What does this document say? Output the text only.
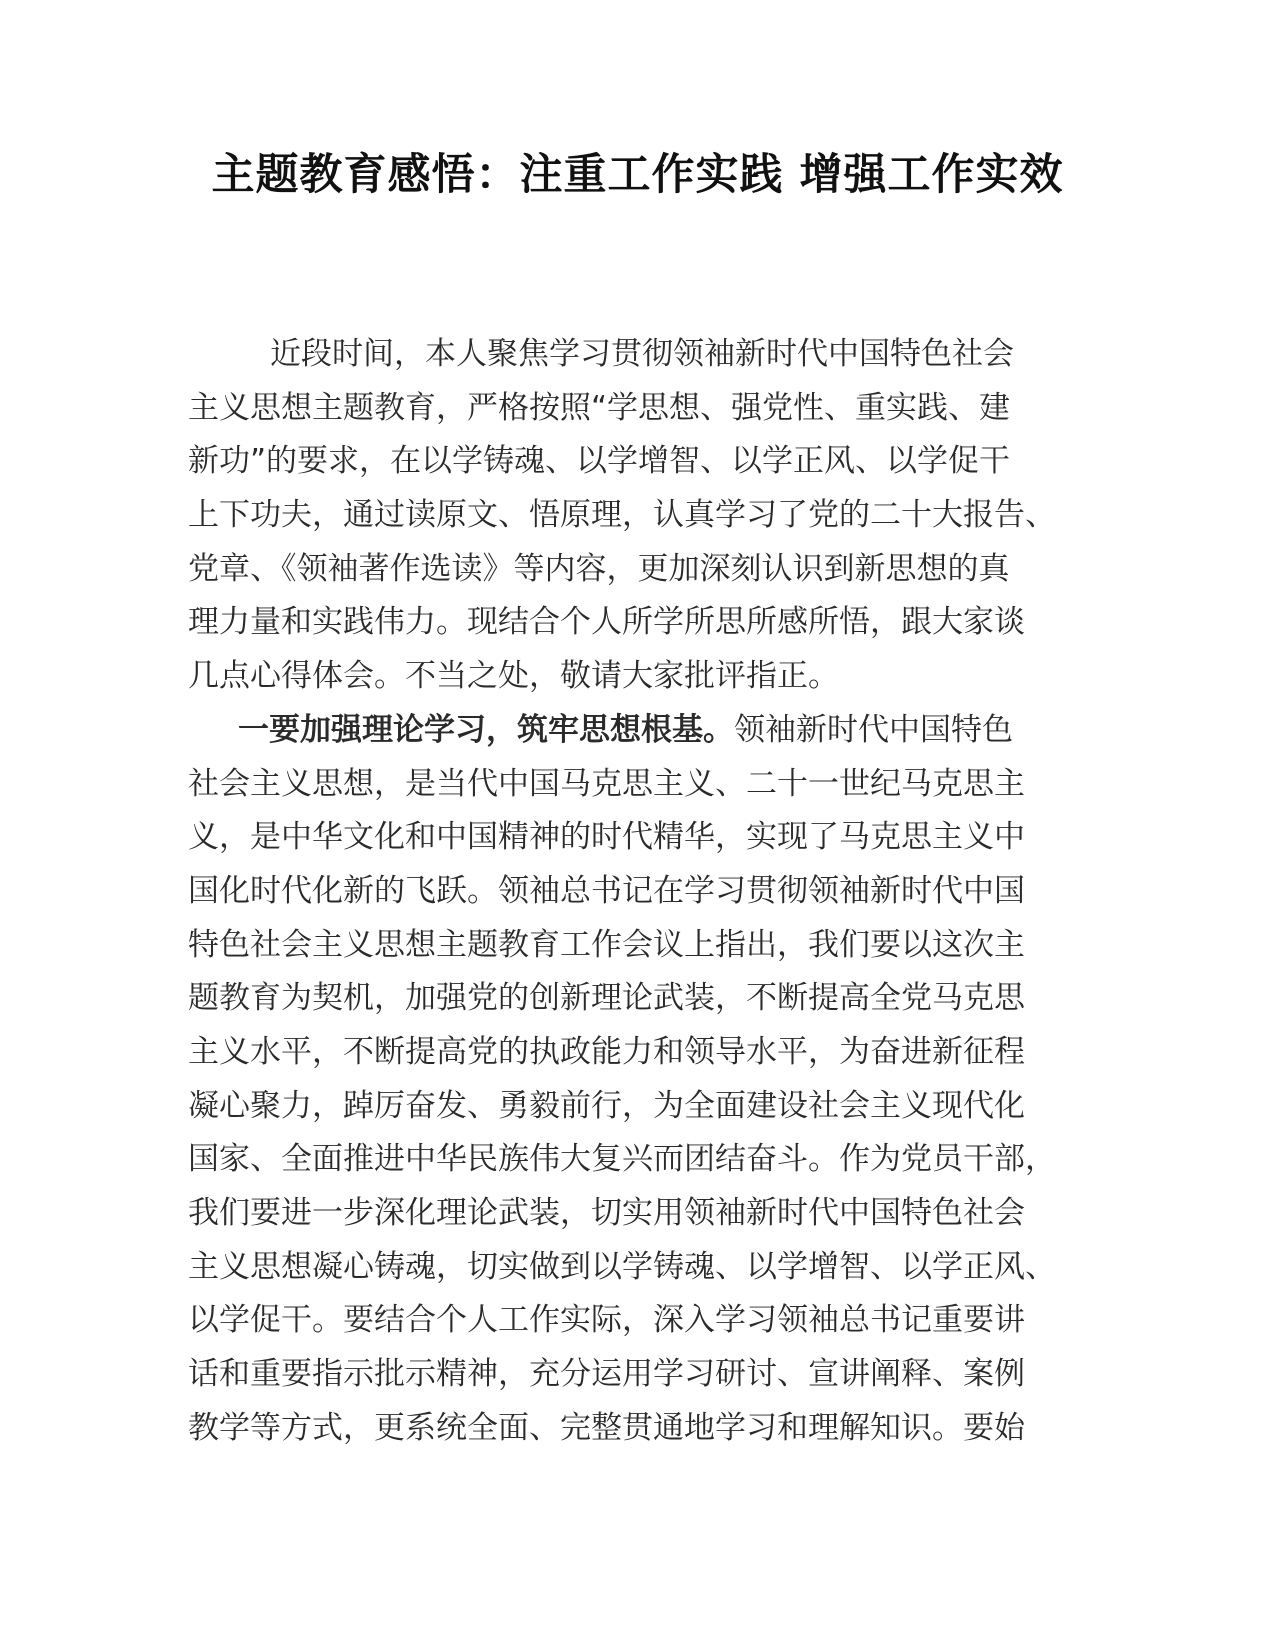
主题教育感悟：注重工作实践 增强工作实效
近段时间，本人聚焦学习贯彻领袖新时代中国特色社会
主义思想主题教育，严格按照“学思想、强党性、重实践、建
新功”的要求，在以学铸魂、以学增智、以学正风、以学促干
上下功夫，通过读原文、悟原理，认真学习了党的二十大报告、
党章、《领袖著作选读》等内容，更加深刻认识到新思想的真
理力量和实践伟力。现结合个人所学所思所感所悟，跟大家谈
几点心得体会。不当之处，敬请大家批评指正。
一要加强理论学习，筑牢思想根基。领袖新时代中国特色
社会主义思想，是当代中国马克思主义、二十一世纪马克思主
义，是中华文化和中国精神的时代精华，实现了马克思主义中
国化时代化新的飞跃。领袖总书记在学习贯彻领袖新时代中国
特色社会主义思想主题教育工作会议上指出，我们要以这次主
题教育为契机，加强党的创新理论武装，不断提高全党马克思
主义水平，不断提高党的执政能力和领导水平，为奋进新征程
凝心聚力，踔厉奋发、勇毅前行，为全面建设社会主义现代化
国家、全面推进中华民族伟大复兴而团结奋斗。作为党员干部，
我们要进一步深化理论武装，切实用领袖新时代中国特色社会
主义思想凝心铸魂，切实做到以学铸魂、以学增智、以学正风、
以学促干。要结合个人工作实际，深入学习领袖总书记重要讲
话和重要指示批示精神，充分运用学习研讨、宣讲阐释、案例
教学等方式，更系统全面、完整贯通地学习和理解知识。要始
